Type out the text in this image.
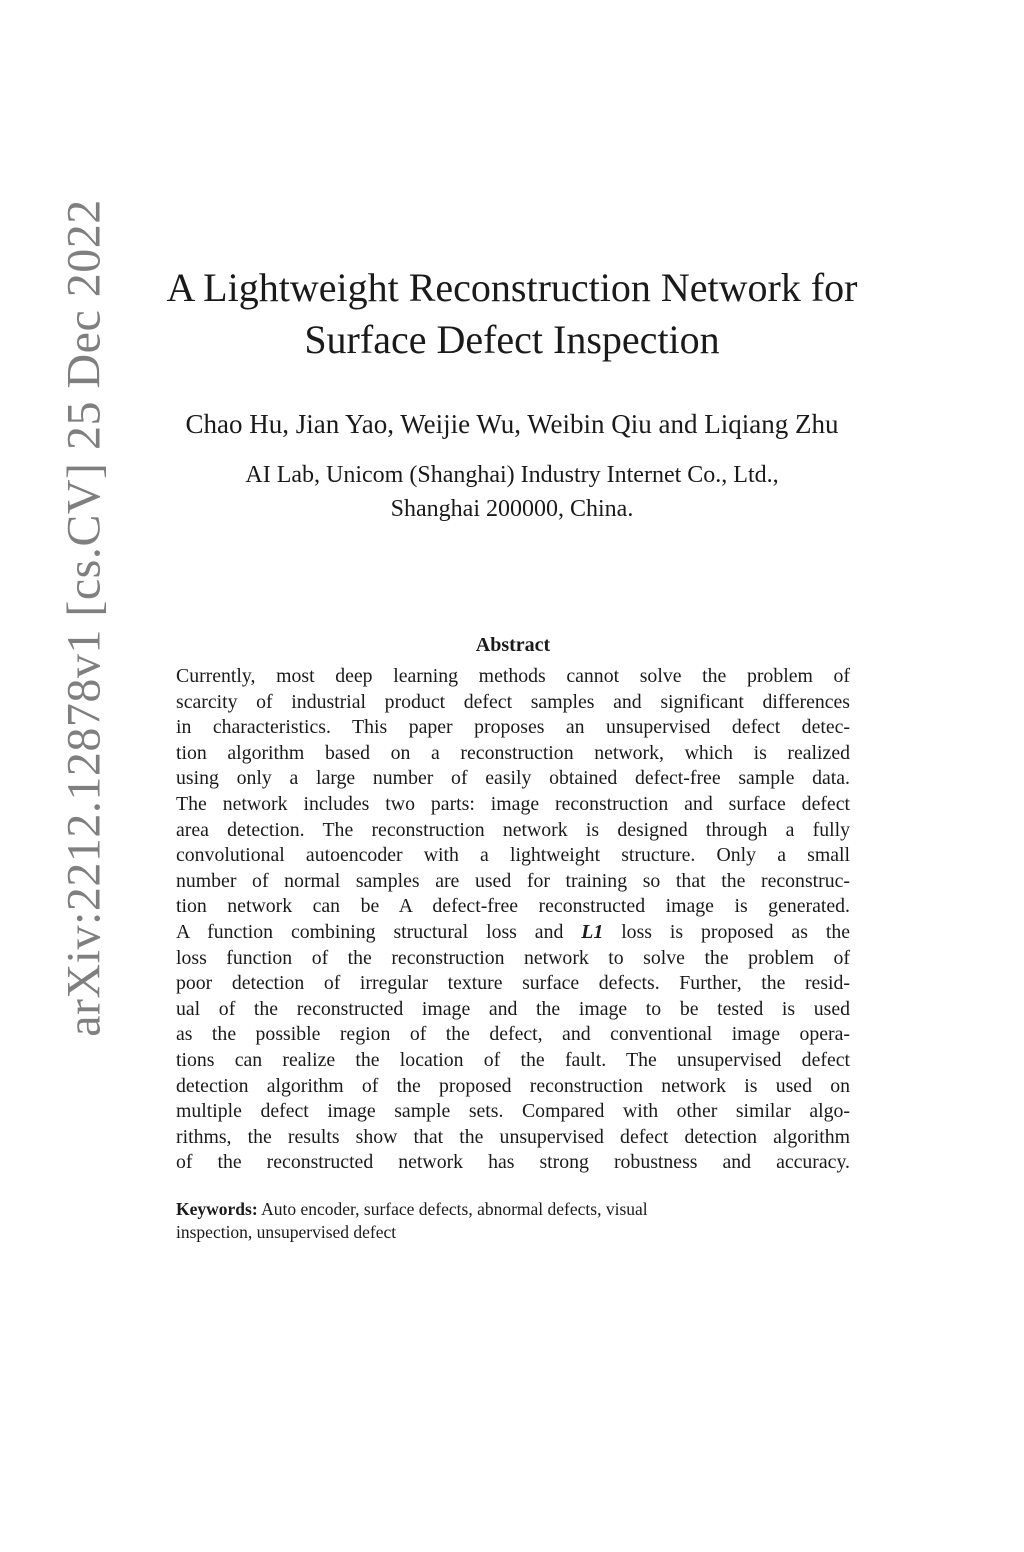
arXiv:2212.12878v1 [cs.CV] 25 Dec 2022	A Lightweight Reconstruction Network for
Surface Defect Inspection
Chao Hu, Jian Yao, Weijie Wu, Weibin Qiu and Liqiang Zhu
AI Lab, Unicom (Shanghai) Industry Internet Co., Ltd.,
Shanghai 200000, China.
Abstract
Currently, most deep learning methods cannot solve the problem of
scarcity of industrial product defect samples and significant differences
in characteristics. This paper proposes an unsupervised defect detec-
tion algorithm based on a reconstruction network, which is realized
using only a large number of easily obtained defect-free sample data.
The network includes two parts: image reconstruction and surface defect
area detection. The reconstruction network is designed through a fully
convolutional autoencoder with a lightweight structure. Only a small
number of normal samples are used for training so that the reconstruc-
tion network can be A defect-free reconstructed image is generated.
A function combining structural loss and L1 loss is proposed as the
loss function of the reconstruction network to solve the problem of
poor detection of irregular texture surface defects. Further, the resid-
ual of the reconstructed image and the image to be tested is used
as the possible region of the defect, and conventional image opera-
tions can realize the location of the fault. The unsupervised defect
detection algorithm of the proposed reconstruction network is used on
multiple defect image sample sets. Compared with other similar algo-
rithms, the results show that the unsupervised defect detection algorithm
of the reconstructed network has strong robustness and accuracy.
Keywords: Auto encoder, surface defects, abnormal defects, visual
inspection, unsupervised defect
